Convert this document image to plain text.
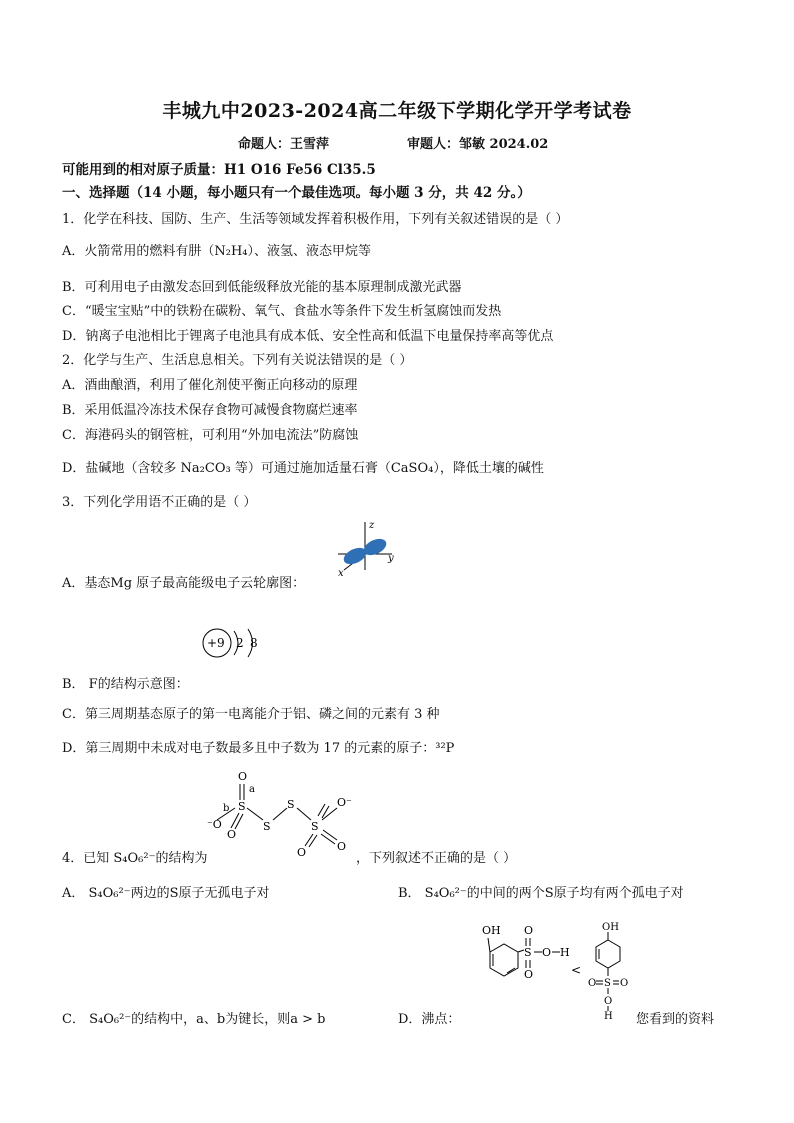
丰城九中2023-2024高二年级下学期化学开学考试卷
命题人：王雪萍	审题人：邹敏 2024.02
可能用到的相对原子质量：H1 O16 Fe56 Cl35.5
一、选择题（14 小题，每小题只有一个最佳选项。每小题 3 分，共 42 分。）
1．化学在科技、国防、生产、生活等领域发挥着积极作用，下列有关叙述错误的是（ ）
A．火箭常用的燃料有肼（N₂H₄）、液氢、液态甲烷等
B．可利用电子由激发态回到低能级释放光能的基本原理制成激光武器
C．“暖宝宝贴”中的铁粉在碳粉、氧气、食盐水等条件下发生析氢腐蚀而发热
D．钠离子电池相比于锂离子电池具有成本低、安全性高和低温下电量保持率高等优点
2．化学与生产、生活息息相关。下列有关说法错误的是（ ）
A．酒曲酿酒，利用了催化剂使平衡正向移动的原理
B．采用低温冷冻技术保存食物可减慢食物腐烂速率
C．海港码头的钢管桩，可利用“外加电流法”防腐蚀
D．盐碱地（含较多 Na₂CO₃ 等）可通过施加适量石膏（CaSO₄），降低土壤的碱性
3．下列化学用语不正确的是（ ）
z
y
x
A．基态Mg 原子最高能级电子云轮廓图：
+9 2 8
B． F的结构示意图：
C．第三周期基态原子的第一电离能介于铝、磷之间的元素有 3 种
D．第三周期中未成对电子数最多且中子数为 17 的元素的原子：³²P
O
a
S
b
⁻O
O
S
S
S
O⁻
O	O
4．已知 S₄O₆²⁻的结构为	，下列叙述不正确的是（ ）
A． S₄O₆²⁻两边的S原子无孤电子对	B． S₄O₆²⁻的中间的两个S原子均有两个孤电子对
OH
S
O
O
O H
<
OH
S
O O
O
H
C． S₄O₆²⁻的结构中，a、b为键长，则a > b	D．沸点：	您看到的资料
